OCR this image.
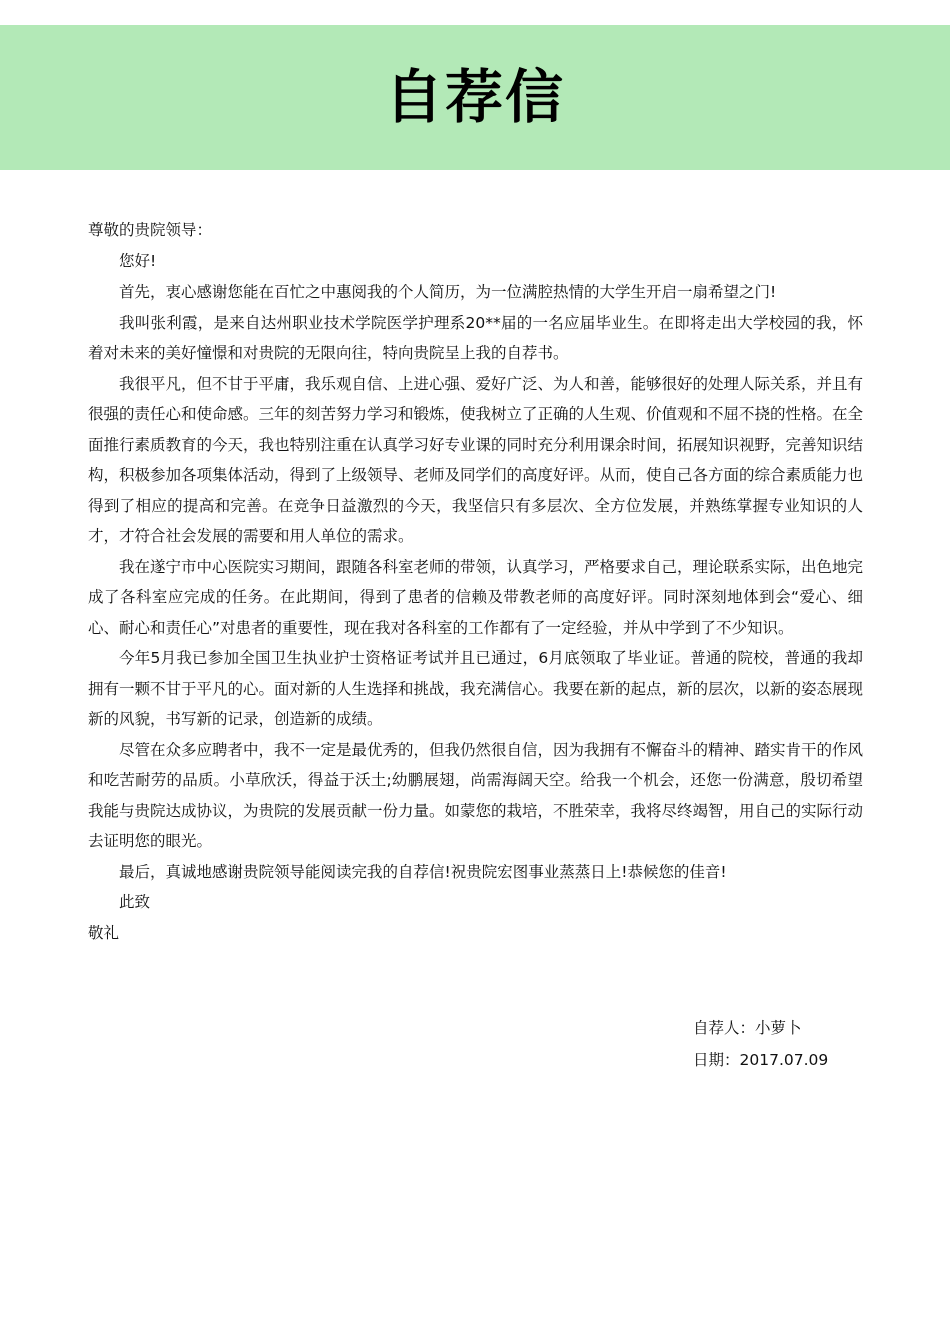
自荐信
尊敬的贵院领导：
您好!

首先，衷心感谢您能在百忙之中惠阅我的个人简历，为一位满腔热情的大学生开启一扇希望之门!

我叫张利霞，是来自达州职业技术学院医学护理系20**届的一名应届毕业生。在即将走出大学校园的我，怀着对未来的美好憧憬和对贵院的无限向往，特向贵院呈上我的自荐书。

我很平凡，但不甘于平庸，我乐观自信、上进心强、爱好广泛、为人和善，能够很好的处理人际关系，并且有很强的责任心和使命感。三年的刻苦努力学习和锻炼，使我树立了正确的人生观、价值观和不屈不挠的性格。在全面推行素质教育的今天，我也特别注重在认真学习好专业课的同时充分利用课余时间，拓展知识视野，完善知识结构，积极参加各项集体活动，得到了上级领导、老师及同学们的高度好评。从而，使自己各方面的综合素质能力也得到了相应的提高和完善。在竞争日益激烈的今天，我坚信只有多层次、全方位发展，并熟练掌握专业知识的人才，才符合社会发展的需要和用人单位的需求。

我在遂宁市中心医院实习期间，跟随各科室老师的带领，认真学习，严格要求自己，理论联系实际，出色地完成了各科室应完成的任务。在此期间，得到了患者的信赖及带教老师的高度好评。同时深刻地体到会“爱心、细心、耐心和责任心”对患者的重要性，现在我对各科室的工作都有了一定经验，并从中学到了不少知识。

今年5月我已参加全国卫生执业护士资格证考试并且已通过，6月底领取了毕业证。普通的院校，普通的我却拥有一颗不甘于平凡的心。面对新的人生选择和挑战，我充满信心。我要在新的起点，新的层次，以新的姿态展现新的风貌，书写新的记录，创造新的成绩。

尽管在众多应聘者中，我不一定是最优秀的，但我仍然很自信，因为我拥有不懈奋斗的精神、踏实肯干的作风和吃苦耐劳的品质。小草欣沃，得益于沃土;幼鹏展翅，尚需海阔天空。给我一个机会，还您一份满意，殷切希望我能与贵院达成协议，为贵院的发展贡献一份力量。如蒙您的栽培，不胜荣幸，我将尽终竭智，用自己的实际行动去证明您的眼光。

最后，真诚地感谢贵院领导能阅读完我的自荐信!祝贵院宏图事业蒸蒸日上!恭候您的佳音!

此致
敬礼
自荐人：小萝卜
日期：2017.07.09
